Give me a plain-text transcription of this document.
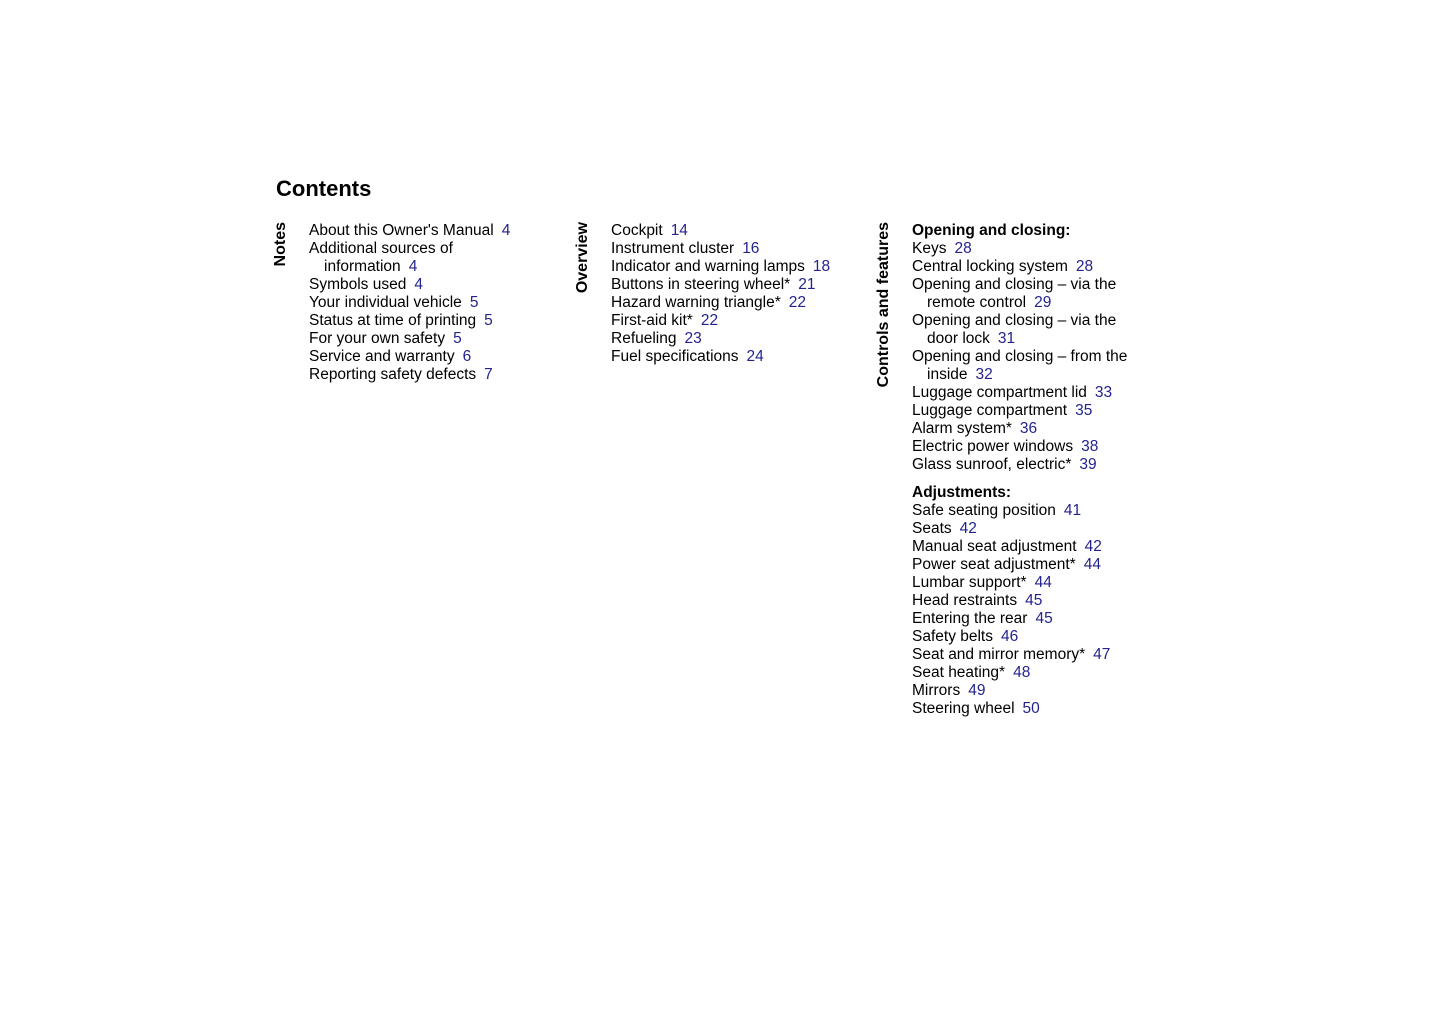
Contents
Notes About this Owner's Manual 4
Additional sources of
information 4
Symbols used 4
Your individual vehicle 5
Status at time of printing 5
For your own safety 5
Service and warranty 6
Reporting safety defects 7
Overview Cockpit 14
Instrument cluster 16
Indicator and warning lamps 18
Buttons in steering wheel* 21
Hazard warning triangle* 22
First-aid kit* 22
Refueling 23
Fuel specifications 24	Controls and features Opening and closing:
Keys 28
Central locking system 28
Opening and closing – via the
remote control 29
Opening and closing – via the
door lock 31
Opening and closing – from the
inside 32
Luggage compartment lid 33
Luggage compartment 35
Alarm system* 36
Electric power windows 38
Glass sunroof, electric* 39
Adjustments:
Safe seating position 41
Seats 42
Manual seat adjustment 42
Power seat adjustment* 44
Lumbar support* 44
Head restraints 45
Entering the rear 45
Safety belts 46
Seat and mirror memory* 47
Seat heating* 48
Mirrors 49
Steering wheel 50
